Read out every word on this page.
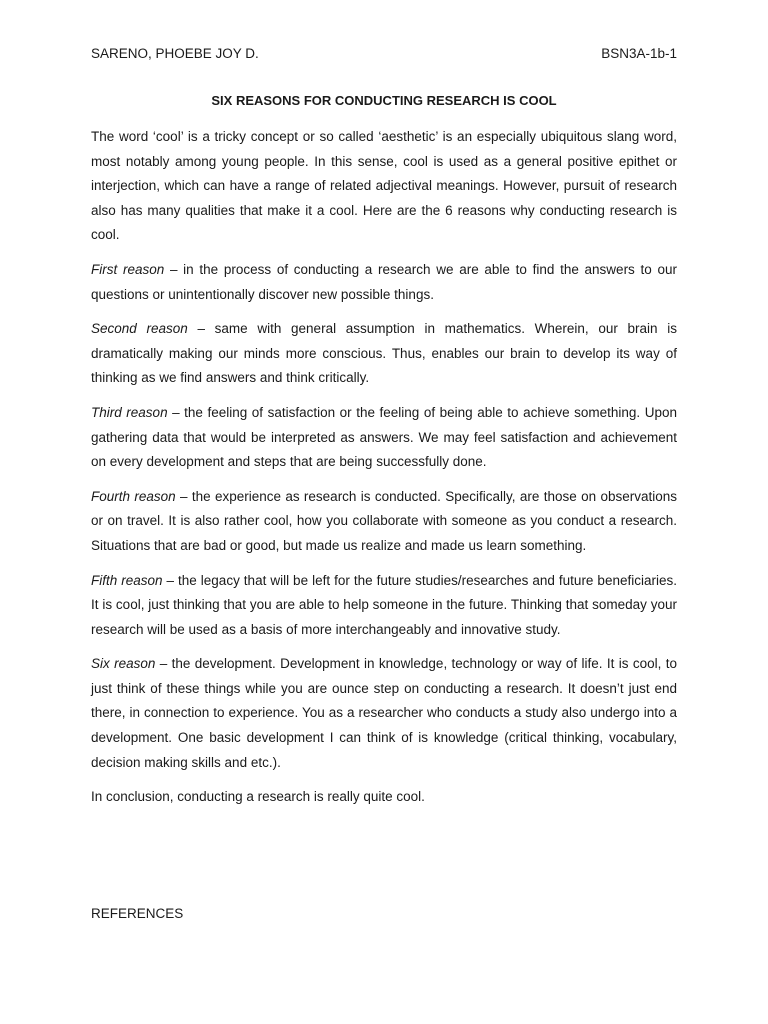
SARENO, PHOEBE JOY D.	BSN3A-1b-1
SIX REASONS FOR CONDUCTING RESEARCH IS COOL

The word ‘cool’ is a tricky concept or so called ‘aesthetic’ is an especially ubiquitous slang word, most notably among young people. In this sense, cool is used as a general positive epithet or interjection, which can have a range of related adjectival meanings. However, pursuit of research also has many qualities that make it a cool. Here are the 6 reasons why conducting research is cool.

First reason – in the process of conducting a research we are able to find the answers to our questions or unintentionally discover new possible things.

Second reason – same with general assumption in mathematics. Wherein, our brain is dramatically making our minds more conscious. Thus, enables our brain to develop its way of thinking as we find answers and think critically.

Third reason – the feeling of satisfaction or the feeling of being able to achieve something. Upon gathering data that would be interpreted as answers. We may feel satisfaction and achievement on every development and steps that are being successfully done.

Fourth reason – the experience as research is conducted. Specifically, are those on observations or on travel. It is also rather cool, how you collaborate with someone as you conduct a research. Situations that are bad or good, but made us realize and made us learn something.

Fifth reason – the legacy that will be left for the future studies/researches and future beneficiaries. It is cool, just thinking that you are able to help someone in the future. Thinking that someday your research will be used as a basis of more interchangeably and innovative study.

Six reason – the development. Development in knowledge, technology or way of life. It is cool, to just think of these things while you are ounce step on conducting a research. It doesn’t just end there, in connection to experience. You as a researcher who conducts a study also undergo into a development. One basic development I can think of is knowledge (critical thinking, vocabulary, decision making skills and etc.).

In conclusion, conducting a research is really quite cool.

REFERENCES
